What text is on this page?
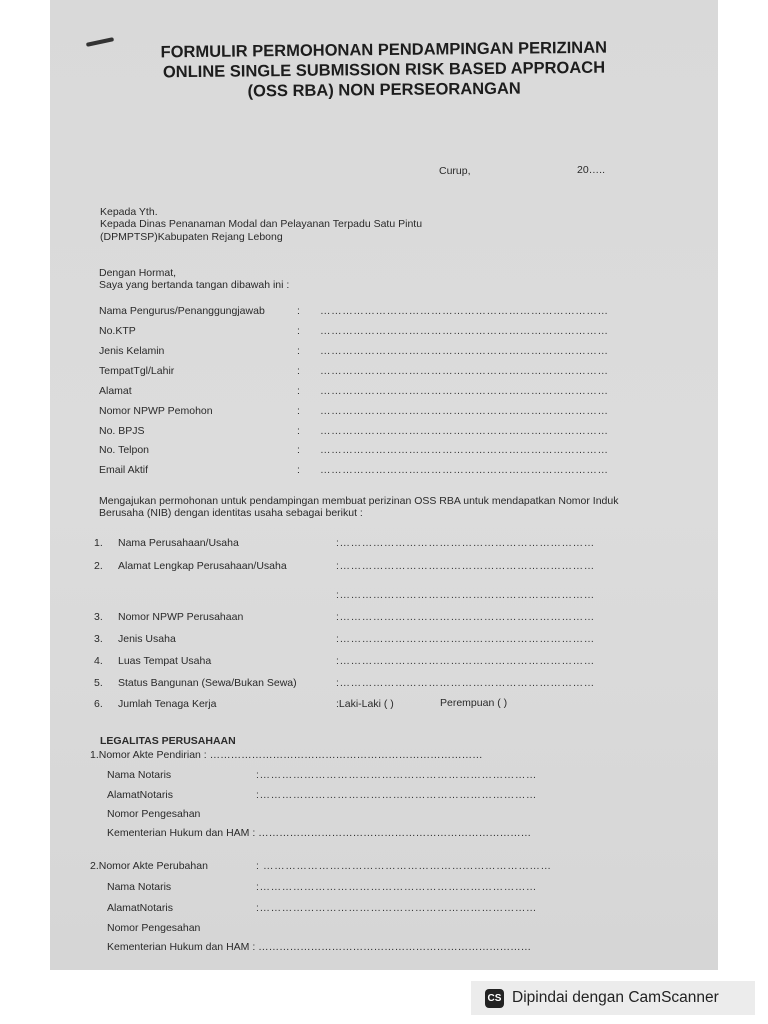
FORMULIR PERMOHONAN PENDAMPINGAN PERIZINAN
ONLINE SINGLE SUBMISSION RISK BASED APPROACH
(OSS RBA) NON PERSEORANGAN
Curup,	20…..
Kepada Yth.
Kepada Dinas Penanaman Modal dan Pelayanan Terpadu Satu Pintu
(DPMPTSP)Kabupaten Rejang Lebong
Dengan Hormat,
Saya yang bertanda tangan dibawah ini :
Nama Pengurus/Penanggungjawab	: ……………………………………………………………………
No.KTP	: ……………………………………………………………………
Jenis Kelamin	: ……………………………………………………………………
TempatTgl/Lahir	: ……………………………………………………………………
Alamat	: ……………………………………………………………………
Nomor NPWP Pemohon	: ……………………………………………………………………
No. BPJS	: ……………………………………………………………………
No. Telpon	: ……………………………………………………………………
Email Aktif	: ……………………………………………………………………
Mengajukan permohonan untuk pendampingan membuat perizinan OSS RBA untuk mendapatkan Nomor Induk
Berusaha (NIB) dengan identitas usaha sebagai berikut :
1. Nama Perusahaan/Usaha	:……………………………………………………………
2. Alamat Lengkap Perusahaan/Usaha	:……………………………………………………………
:……………………………………………………………
3. Nomor NPWP Perusahaan	:……………………………………………………………
3. Jenis Usaha	:……………………………………………………………
4. Luas Tempat Usaha	:……………………………………………………………
5. Status Bangunan (Sewa/Bukan Sewa)	:……………………………………………………………
6. Jumlah Tenaga Kerja	:Laki-Laki ( )	Perempuan ( )
LEGALITAS PERUSAHAAN
1.Nomor Akte Pendirian : ……………………………………………………………………
Nama Notaris	:…………………………………………………………………
AlamatNotaris	:…………………………………………………………………
Nomor Pengesahan
Kementerian Hukum dan HAM : ……………………………………………………………………
2.Nomor Akte Perubahan	: ……………………………………………………………………
Nama Notaris	:…………………………………………………………………
AlamatNotaris	:…………………………………………………………………
Nomor Pengesahan
Kementerian Hukum dan HAM : ……………………………………………………………………
CS Dipindai dengan CamScanner
